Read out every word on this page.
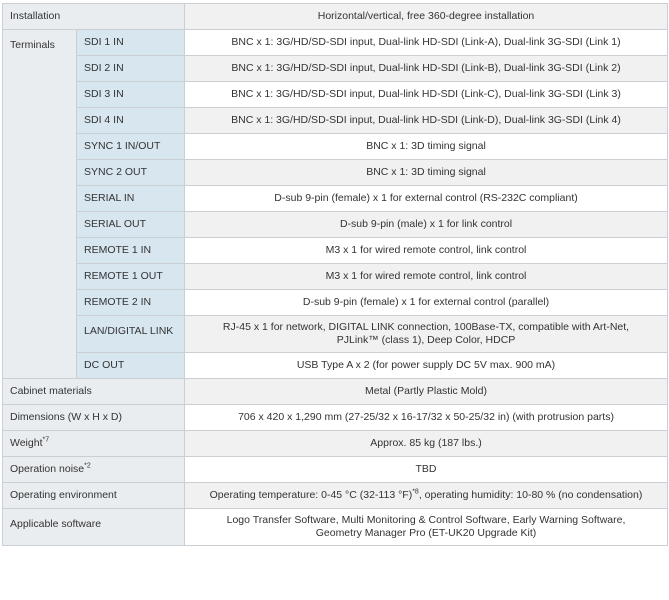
Installation		Horizontal/vertical, free 360-degree installation
Terminals	SDI 1 IN	BNC x 1: 3G/HD/SD-SDI input, Dual-link HD-SDI (Link-A), Dual-link 3G-SDI (Link 1)
	SDI 2 IN	BNC x 1: 3G/HD/SD-SDI input, Dual-link HD-SDI (Link-B), Dual-link 3G-SDI (Link 2)
	SDI 3 IN	BNC x 1: 3G/HD/SD-SDI input, Dual-link HD-SDI (Link-C), Dual-link 3G-SDI (Link 3)
	SDI 4 IN	BNC x 1: 3G/HD/SD-SDI input, Dual-link HD-SDI (Link-D), Dual-link 3G-SDI (Link 4)
	SYNC 1 IN/OUT	BNC x 1: 3D timing signal
	SYNC 2 OUT	BNC x 1: 3D timing signal
	SERIAL IN	D-sub 9-pin (female) x 1 for external control (RS-232C compliant)
	SERIAL OUT	D-sub 9-pin (male) x 1 for link control
	REMOTE 1 IN	M3 x 1 for wired remote control, link control
	REMOTE 1 OUT	M3 x 1 for wired remote control, link control
	REMOTE 2 IN	D-sub 9-pin (female) x 1 for external control (parallel)
	LAN/DIGITAL LINK	RJ-45 x 1 for network, DIGITAL LINK connection, 100Base-TX, compatible with Art-Net,
PJLink™ (class 1), Deep Color, HDCP
	DC OUT	USB Type A x 2 (for power supply DC 5V max. 900 mA)
Cabinet materials		Metal (Partly Plastic Mold)
Dimensions (W x H x D)		706 x 420 x 1,290 mm (27-25/32 x 16-17/32 x 50-25/32 in) (with protrusion parts)
Weight$^{*7}$		Approx. 85 kg (187 lbs.)
Operation noise$^{*2}$		TBD
Operating environment		Operating temperature: 0-45 °C (32-113 °F)$^{*8}$, operating humidity: 10-80 % (no condensation)
Applicable software		Logo Transfer Software, Multi Monitoring & Control Software, Early Warning Software,
Geometry Manager Pro (ET-UK20 Upgrade Kit)
